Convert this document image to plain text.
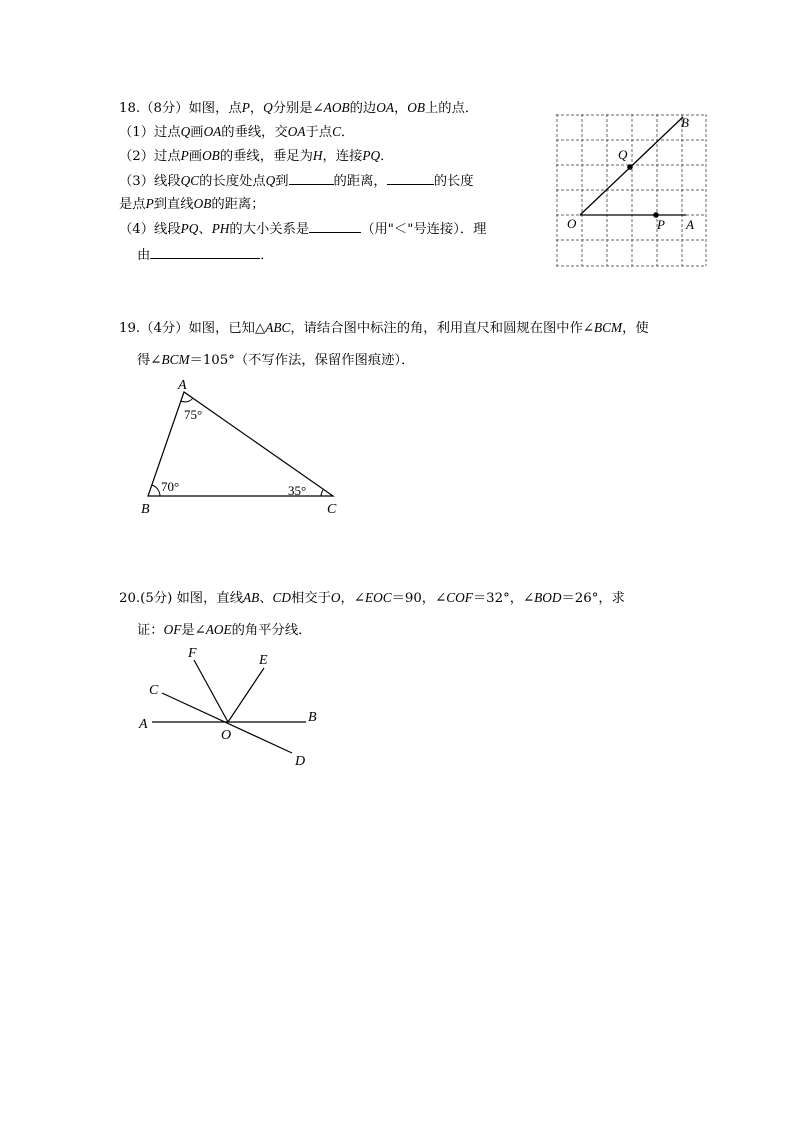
18.（8分）如图，点P，Q分别是∠AOB的边OA，OB上的点．
（1）过点Q画OA的垂线，交OA于点C．
（2）过点P画OB的垂线，垂足为H，连接PQ．
（3）线段QC的长度处点Q到	的距离，	的长度
是点P到直线OB的距离；
（4）线段PQ、PH的大小关系是	（用"＜"号连接）．理
由	．
B
Q
O	P A
19.（4分）如图，已知△ABC，请结合图中标注的角，利用直尺和圆规在图中作∠BCM，使
得∠BCM＝105°（不写作法，保留作图痕迹）．
A
B	C
75°
70°	35°
20.(5分) 如图，直线AB、CD相交于O，∠EOC＝90，∠COF＝32°，∠BOD＝26°，求
证：OF是∠AOE的角平分线．
F	E
C
A	B
O
D
